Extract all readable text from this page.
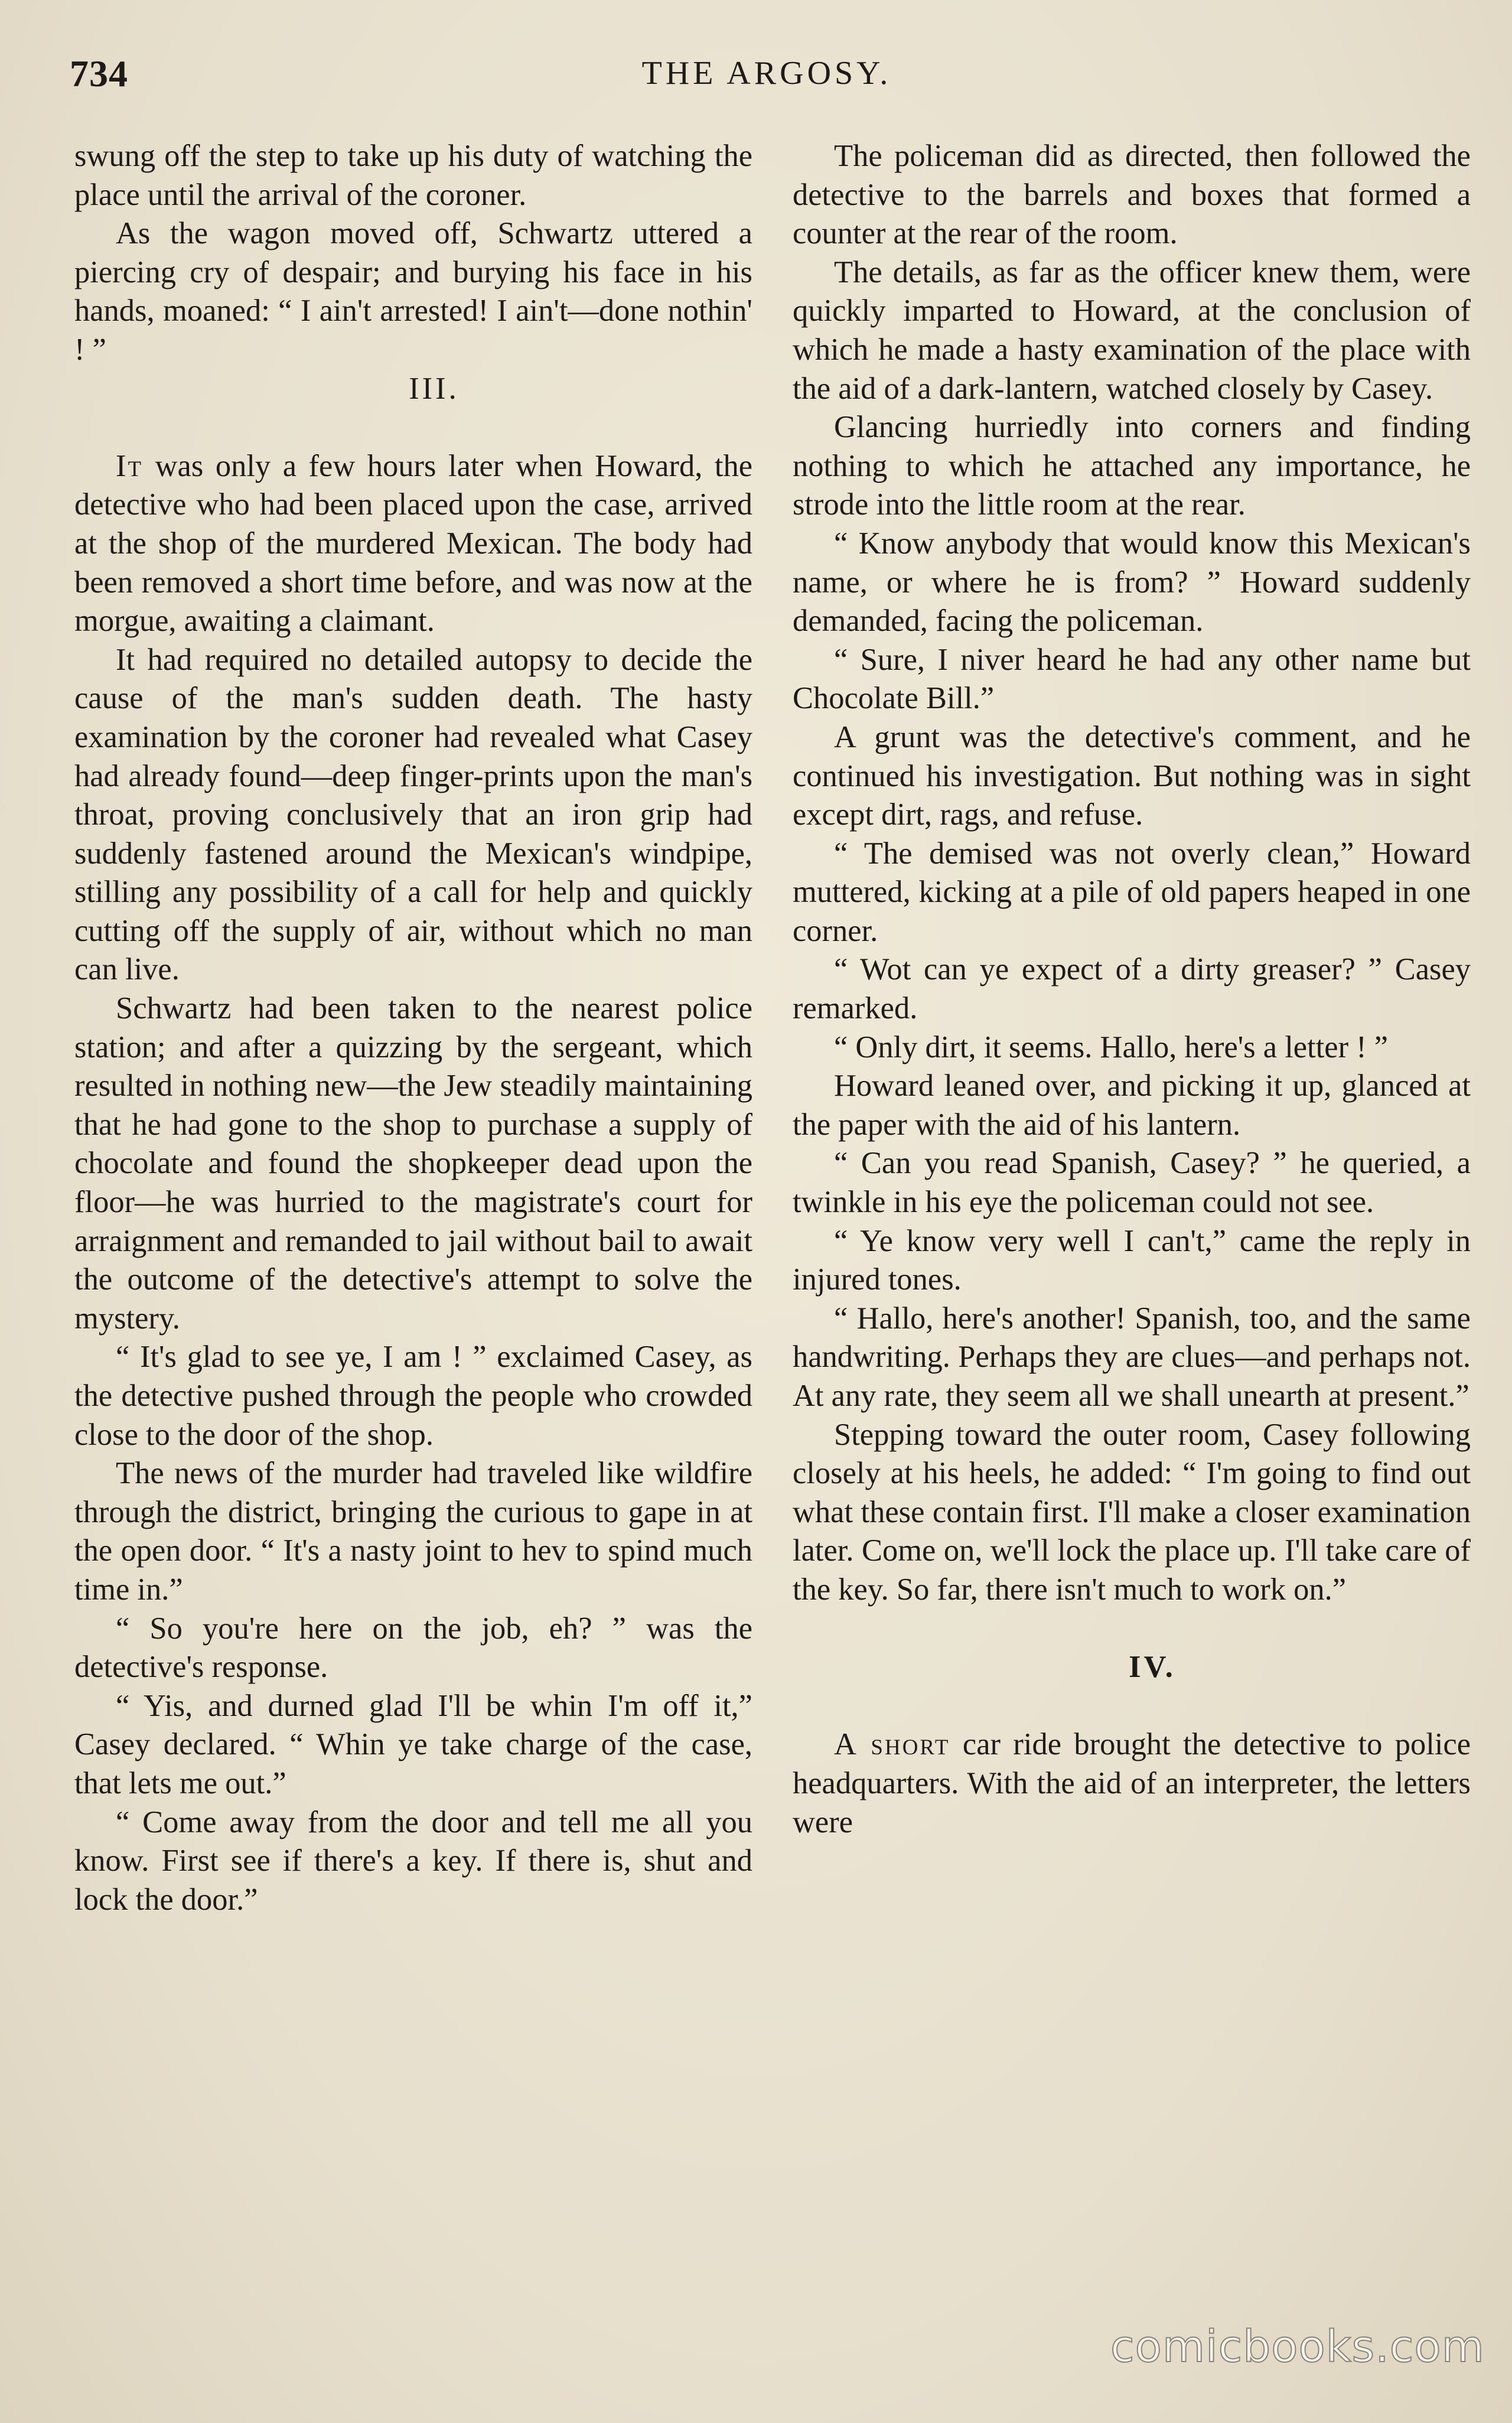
734	THE ARGOSY.

swung off the step to take up his duty of watching the place until the arrival of the coroner.

As the wagon moved off, Schwartz uttered a piercing cry of despair; and burying his face in his hands, moaned: “ I ain't arrested! I ain't—done nothin' ! ”

III.

It was only a few hours later when Howard, the detective who had been placed upon the case, arrived at the shop of the murdered Mexican. The body had been removed a short time before, and was now at the morgue, awaiting a claimant.

It had required no detailed autopsy to decide the cause of the man's sudden death. The hasty examination by the coroner had revealed what Casey had already found—deep finger-prints upon the man's throat, proving conclusively that an iron grip had suddenly fastened around the Mexican's windpipe, stilling any possibility of a call for help and quickly cutting off the supply of air, without which no man can live.

Schwartz had been taken to the nearest police station; and after a quizzing by the sergeant, which resulted in nothing new—the Jew steadily maintaining that he had gone to the shop to purchase a supply of chocolate and found the shopkeeper dead upon the floor—he was hurried to the magistrate's court for arraignment and remanded to jail without bail to await the outcome of the detective's attempt to solve the mystery.

“ It's glad to see ye, I am ! ” exclaimed Casey, as the detective pushed through the people who crowded close to the door of the shop.

The news of the murder had traveled like wildfire through the district, bringing the curious to gape in at the open door. “ It's a nasty joint to hev to spind much time in.”

“ So you're here on the job, eh? ” was the detective's response.

“ Yis, and durned glad I'll be whin I'm off it,” Casey declared. “ Whin ye take charge of the case, that lets me out.”

“ Come away from the door and tell me all you know. First see if there's a key. If there is, shut and lock the door.”

The policeman did as directed, then followed the detective to the barrels and boxes that formed a counter at the rear of the room.

The details, as far as the officer knew them, were quickly imparted to Howard, at the conclusion of which he made a hasty examination of the place with the aid of a dark-lantern, watched closely by Casey.

Glancing hurriedly into corners and finding nothing to which he attached any importance, he strode into the little room at the rear.

“ Know anybody that would know this Mexican's name, or where he is from? ” Howard suddenly demanded, facing the policeman.

“ Sure, I niver heard he had any other name but Chocolate Bill.”

A grunt was the detective's comment, and he continued his investigation. But nothing was in sight except dirt, rags, and refuse.

“ The demised was not overly clean,” Howard muttered, kicking at a pile of old papers heaped in one corner.

“ Wot can ye expect of a dirty greaser? ” Casey remarked.

“ Only dirt, it seems. Hallo, here's a letter ! ”

Howard leaned over, and picking it up, glanced at the paper with the aid of his lantern.

“ Can you read Spanish, Casey? ” he queried, a twinkle in his eye the policeman could not see.

“ Ye know very well I can't,” came the reply in injured tones.

“ Hallo, here's another! Spanish, too, and the same handwriting. Perhaps they are clues—and perhaps not. At any rate, they seem all we shall unearth at present.”

Stepping toward the outer room, Casey following closely at his heels, he added: “ I'm going to find out what these contain first. I'll make a closer examination later. Come on, we'll lock the place up. I'll take care of the key. So far, there isn't much to work on.”

IV.

A short car ride brought the detective to police headquarters. With the aid of an interpreter, the letters were

comicbooks.com
